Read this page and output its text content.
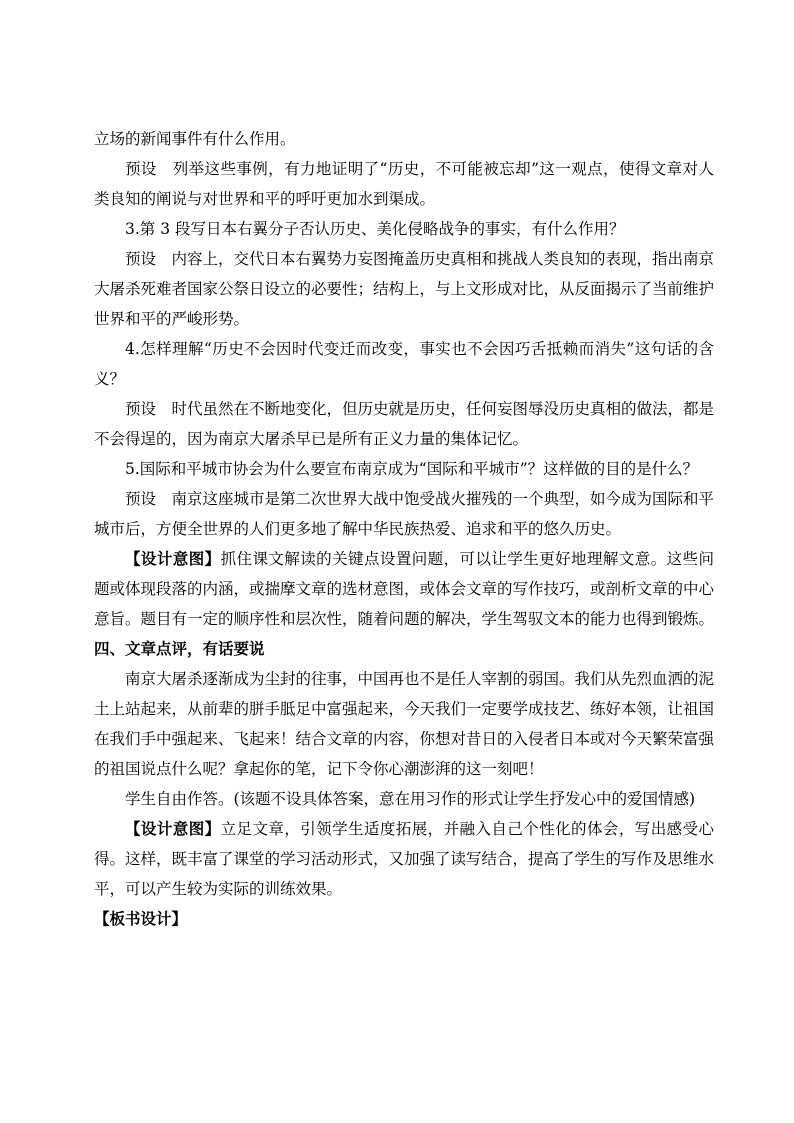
立场的新闻事件有什么作用。

预设　列举这些事例，有力地证明了“历史，不可能被忘却”这一观点，使得文章对人类良知的阐说与对世界和平的呼吁更加水到渠成。

3.第 3 段写日本右翼分子否认历史、美化侵略战争的事实，有什么作用？

预设　内容上，交代日本右翼势力妄图掩盖历史真相和挑战人类良知的表现，指出南京大屠杀死难者国家公祭日设立的必要性；结构上，与上文形成对比，从反面揭示了当前维护世界和平的严峻形势。

4.怎样理解“历史不会因时代变迁而改变，事实也不会因巧舌抵赖而消失”这句话的含义？

预设　时代虽然在不断地变化，但历史就是历史，任何妄图辱没历史真相的做法，都是不会得逞的，因为南京大屠杀早已是所有正义力量的集体记忆。

5.国际和平城市协会为什么要宣布南京成为“国际和平城市”？这样做的目的是什么？

预设　南京这座城市是第二次世界大战中饱受战火摧残的一个典型，如今成为国际和平城市后，方便全世界的人们更多地了解中华民族热爱、追求和平的悠久历史。

【设计意图】抓住课文解读的关键点设置问题，可以让学生更好地理解文意。这些问题或体现段落的内涵，或揣摩文章的选材意图，或体会文章的写作技巧，或剖析文章的中心意旨。题目有一定的顺序性和层次性，随着问题的解决，学生驾驭文本的能力也得到锻炼。

四、文章点评，有话要说

南京大屠杀逐渐成为尘封的往事，中国再也不是任人宰割的弱国。我们从先烈血洒的泥土上站起来，从前辈的胼手胝足中富强起来，今天我们一定要学成技艺、练好本领，让祖国在我们手中强起来、飞起来！结合文章的内容，你想对昔日的入侵者日本或对今天繁荣富强的祖国说点什么呢？拿起你的笔，记下令你心潮澎湃的这一刻吧！

学生自由作答。(该题不设具体答案，意在用习作的形式让学生抒发心中的爱国情感)

【设计意图】立足文章，引领学生适度拓展，并融入自己个性化的体会，写出感受心得。这样，既丰富了课堂的学习活动形式，又加强了读写结合，提高了学生的写作及思维水平，可以产生较为实际的训练效果。

【板书设计】
